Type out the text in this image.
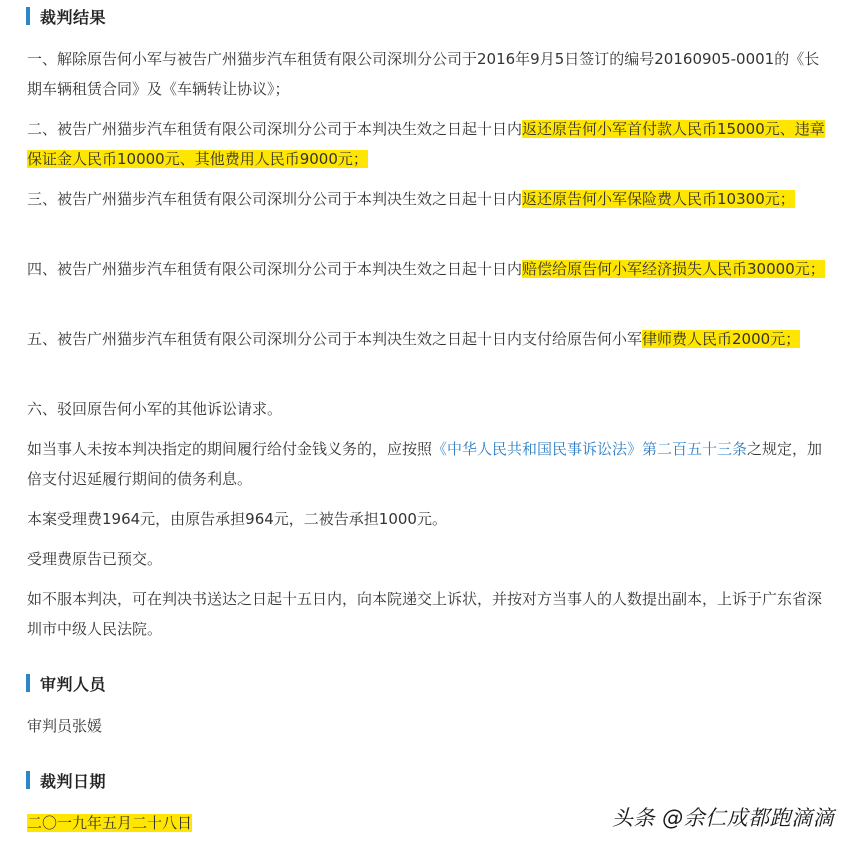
裁判结果
一、解除原告何小军与被告广州猫步汽车租赁有限公司深圳分公司于2016年9月5日签订的编号20160905-0001的《长期车辆租赁合同》及《车辆转让协议》；
二、被告广州猫步汽车租赁有限公司深圳分公司于本判决生效之日起十日内返还原告何小军首付款人民币15000元、违章保证金人民币10000元、其他费用人民币9000元；
三、被告广州猫步汽车租赁有限公司深圳分公司于本判决生效之日起十日内返还原告何小军保险费人民币10300元；
四、被告广州猫步汽车租赁有限公司深圳分公司于本判决生效之日起十日内赔偿给原告何小军经济损失人民币30000元；
五、被告广州猫步汽车租赁有限公司深圳分公司于本判决生效之日起十日内支付给原告何小军律师费人民币2000元；
六、驳回原告何小军的其他诉讼请求。
如当事人未按本判决指定的期间履行给付金钱义务的，应按照《中华人民共和国民事诉讼法》第二百五十三条之规定，加倍支付迟延履行期间的债务利息。
本案受理费1964元，由原告承担964元，二被告承担1000元。
受理费原告已预交。
如不服本判决，可在判决书送达之日起十五日内，向本院递交上诉状，并按对方当事人的人数提出副本，上诉于广东省深圳市中级人民法院。
审判人员
审判员张媛
裁判日期
二〇一九年五月二十八日	头条 @余仁成都跑滴滴
